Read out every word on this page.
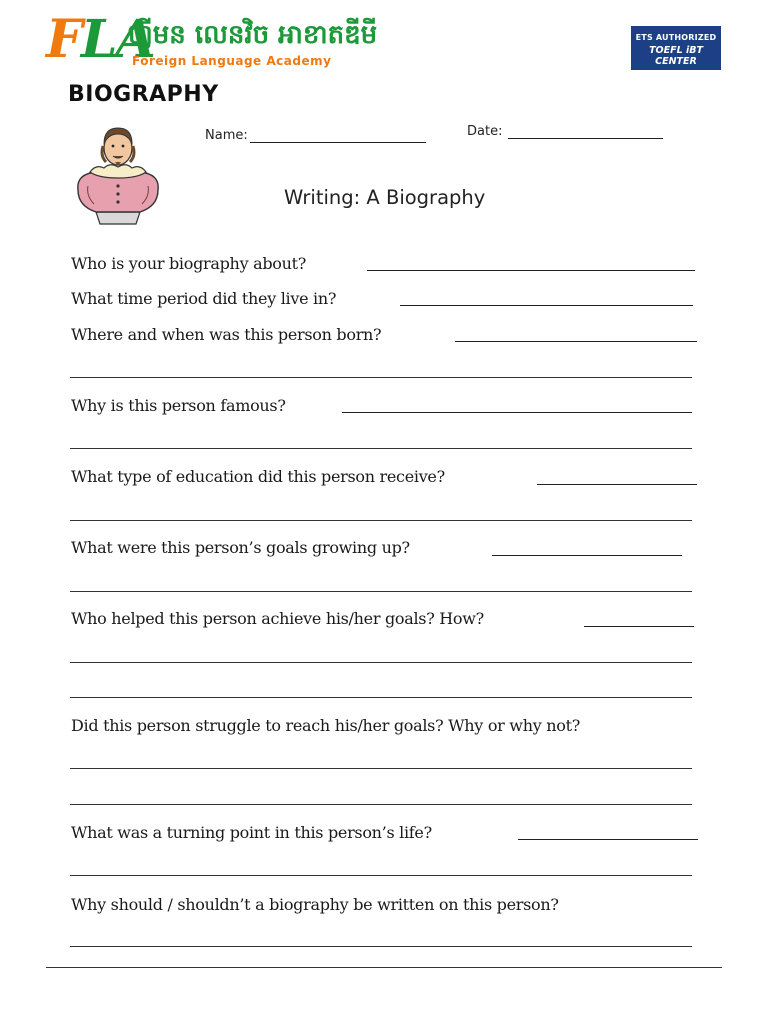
FLA
ហ្វីមន លេនវិច អាខាតឌីមី
Foreign Language Academy
ETS AUTHORIZED
TOEFL iBT CENTER
BIOGRAPHY
Name:	Date:
Writing: A Biography
Who is your biography about?
What time period did they live in?
Where and when was this person born?
Why is this person famous?
What type of education did this person receive?
What were this person’s goals growing up?
Who helped this person achieve his/her goals? How?
Did this person struggle to reach his/her goals? Why or why not?
What was a turning point in this person’s life?
Why should / shouldn’t a biography be written on this person?
